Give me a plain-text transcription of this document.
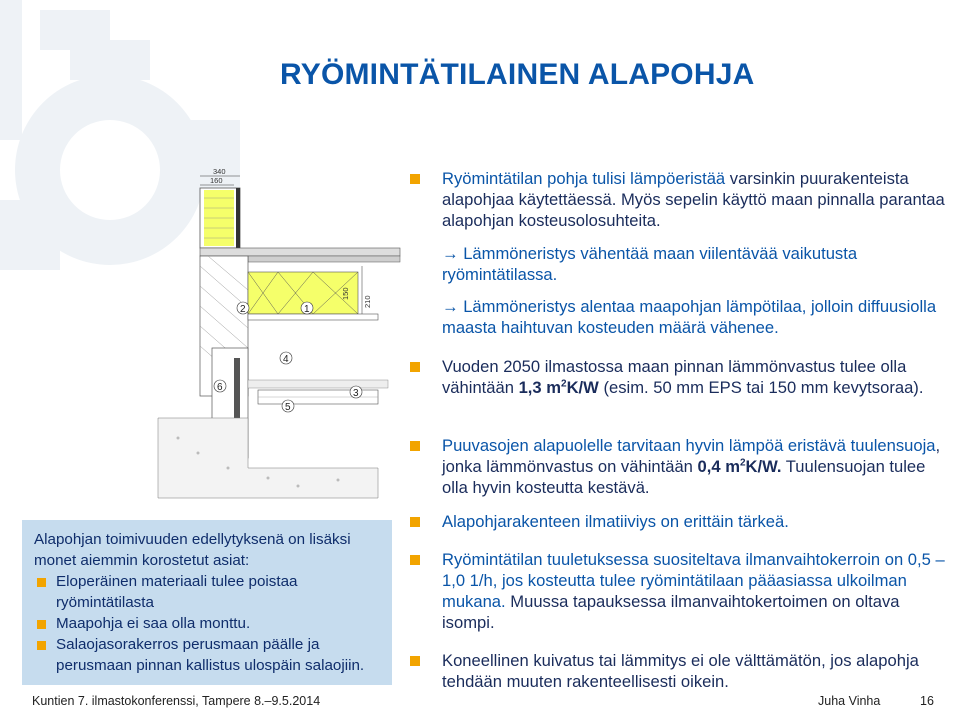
RYÖMINTÄTILAINEN ALAPOHJA
340
160
150
210
1
2
3
4
5
6
Alapohjan toimivuuden edellytyksenä on lisäksi monet aiemmin korostetut asiat:
Eloperäinen materiaali tulee poistaa ryömintätilasta
Maapohja ei saa olla monttu.
Salaojasorakerros perusmaan päälle ja perusmaan pinnan kallistus ulospäin salaojiin.
Ryömintätilan pohja tulisi lämpöeristää varsinkin puurakenteista alapohjaa käytettäessä. Myös sepelin käyttö maan pinnalla parantaa alapohjan kosteusolosuhteita.
→ Lämmöneristys vähentää maan viilentävää vaikutusta ryömintätilassa.
→ Lämmöneristys alentaa maapohjan lämpötilaa, jolloin diffuusiolla maasta haihtuvan kosteuden määrä vähenee.
Vuoden 2050 ilmastossa maan pinnan lämmönvastus tulee olla vähintään 1,3 $m^2K/W$ (esim. 50 mm EPS tai 150 mm kevytsoraa).
Puuvasojen alapuolelle tarvitaan hyvin lämpöä eristävä tuulensuoja, jonka lämmönvastus on vähintään 0,4 $m^2K/W$. Tuulensuojan tulee olla hyvin kosteutta kestävä.
Alapohjarakenteen ilmatiiviys on erittäin tärkeä.
Ryömintätilan tuuletuksessa suositeltava ilmanvaihtokerroin on 0,5 – 1,0 1/h, jos kosteutta tulee ryömintätilaan pääasiassa ulkoilman mukana. Muussa tapauksessa ilmanvaihtokertoimen on oltava isompi.
Koneellinen kuivatus tai lämmitys ei ole välttämätön, jos alapohja tehdään muuten rakenteellisesti oikein.
Kuntien 7. ilmastokonferenssi, Tampere 8.–9.5.2014	Juha Vinha	16
